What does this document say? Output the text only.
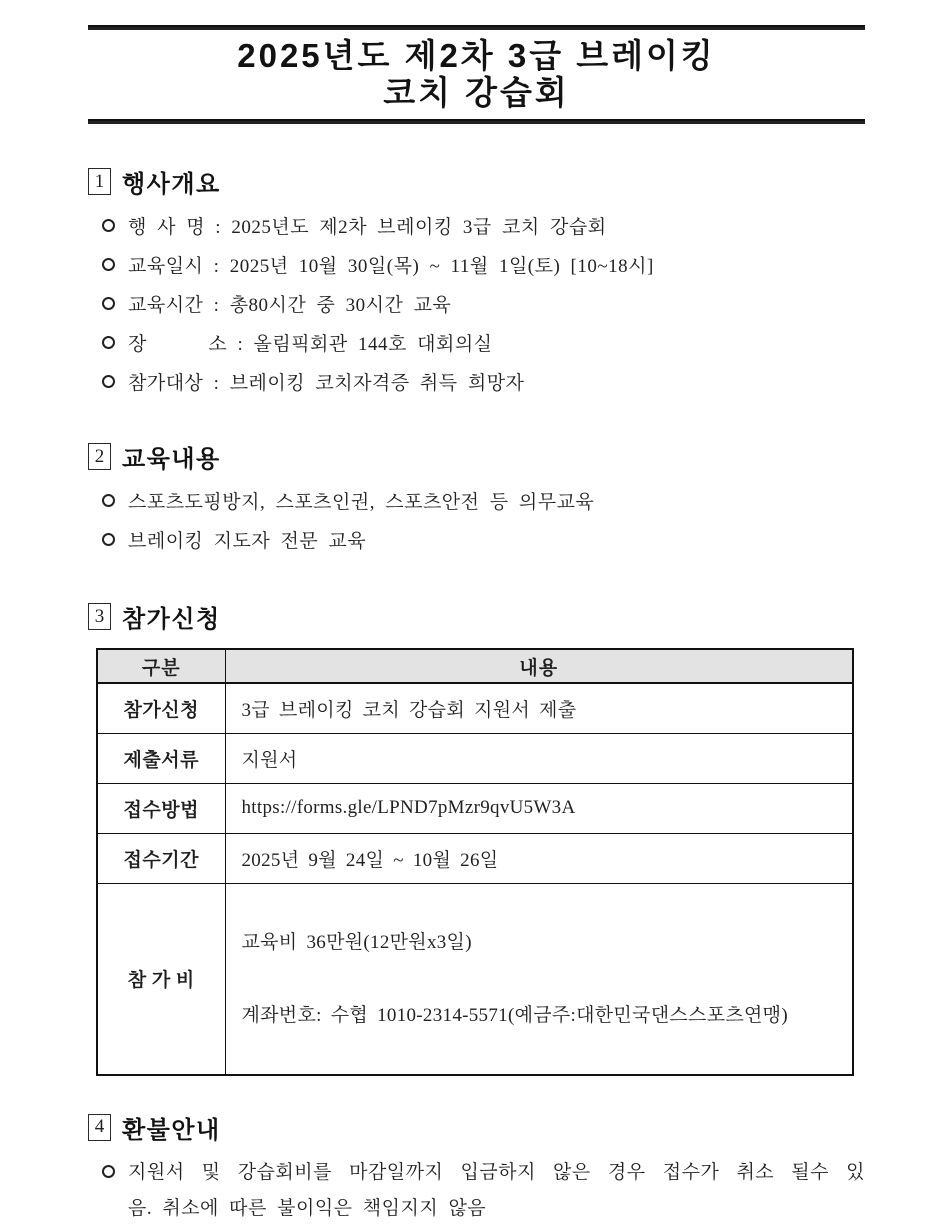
2025년도 제2차 3급 브레이킹
코치 강습회
1 행사개요
행 사 명 : 2025년도 제2차 브레이킹 3급 코치 강습회
교육일시 : 2025년 10월 30일(목) ~ 11월 1일(토) [10~18시]
교육시간 : 총80시간 중 30시간 교육
장      소 : 올림픽회관 144호 대회의실
참가대상 : 브레이킹 코치자격증 취득 희망자
2 교육내용
스포츠도핑방지, 스포츠인권, 스포츠안전 등 의무교육
브레이킹 지도자 전문 교육
3 참가신청
구분	내용
참가신청	3급 브레이킹 코치 강습회 지원서 제출
제출서류	지원서
접수방법	https://forms.gle/LPND7pMzr9qvU5W3A
접수기간	2025년 9월 24일 ~ 10월 26일
참 가 비	교육비 36만원(12만원x3일)

계좌번호: 수협 1010-2314-5571(예금주:대한민국댄스스포츠연맹)

4 환불안내
지원서 및 강습회비를 마감일까지 입금하지 않은 경우 접수가 취소 될수 있
음. 취소에 따른 불이익은 책임지지 않음
